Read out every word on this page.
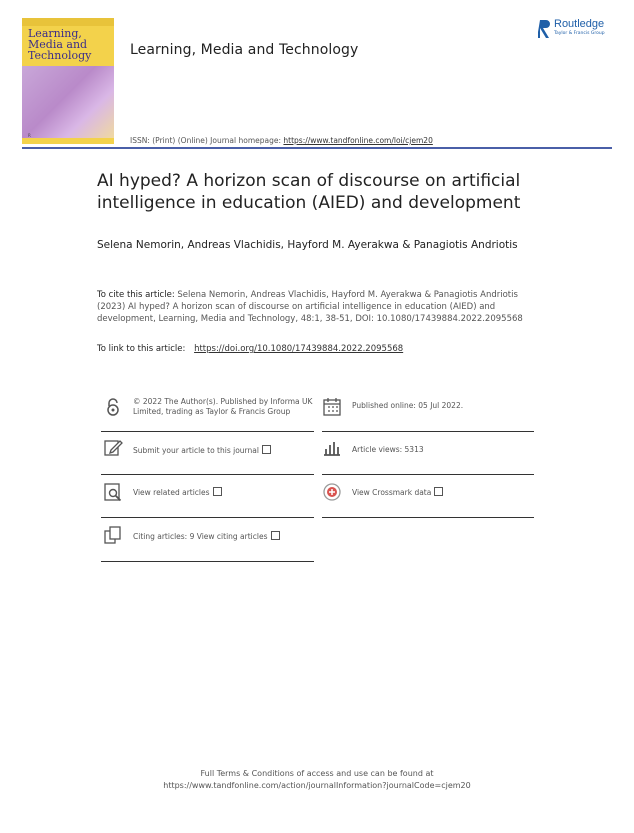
Learning, Media and Technology
R
Learning, Media and Technology
Routledge
Taylor & Francis Group
ISSN: (Print) (Online) Journal homepage: https://www.tandfonline.com/loi/cjem20
AI hyped? A horizon scan of discourse on artificial intelligence in education (AIED) and development
Selena Nemorin, Andreas Vlachidis, Hayford M. Ayerakwa & Panagiotis Andriotis
To cite this article: Selena Nemorin, Andreas Vlachidis, Hayford M. Ayerakwa & Panagiotis Andriotis (2023) AI hyped? A horizon scan of discourse on artificial intelligence in education (AIED) and development, Learning, Media and Technology, 48:1, 38-51, DOI: 10.1080/17439884.2022.2095568
To link to this article: https://doi.org/10.1080/17439884.2022.2095568
© 2022 The Author(s). Published by Informa UK Limited, trading as Taylor & Francis Group
Published online: 05 Jul 2022.
Submit your article to this journal	Article views: 5313
View related articles	View Crossmark data
Citing articles: 9 View citing articles
Full Terms & Conditions of access and use can be found at
https://www.tandfonline.com/action/journalInformation?journalCode=cjem20
